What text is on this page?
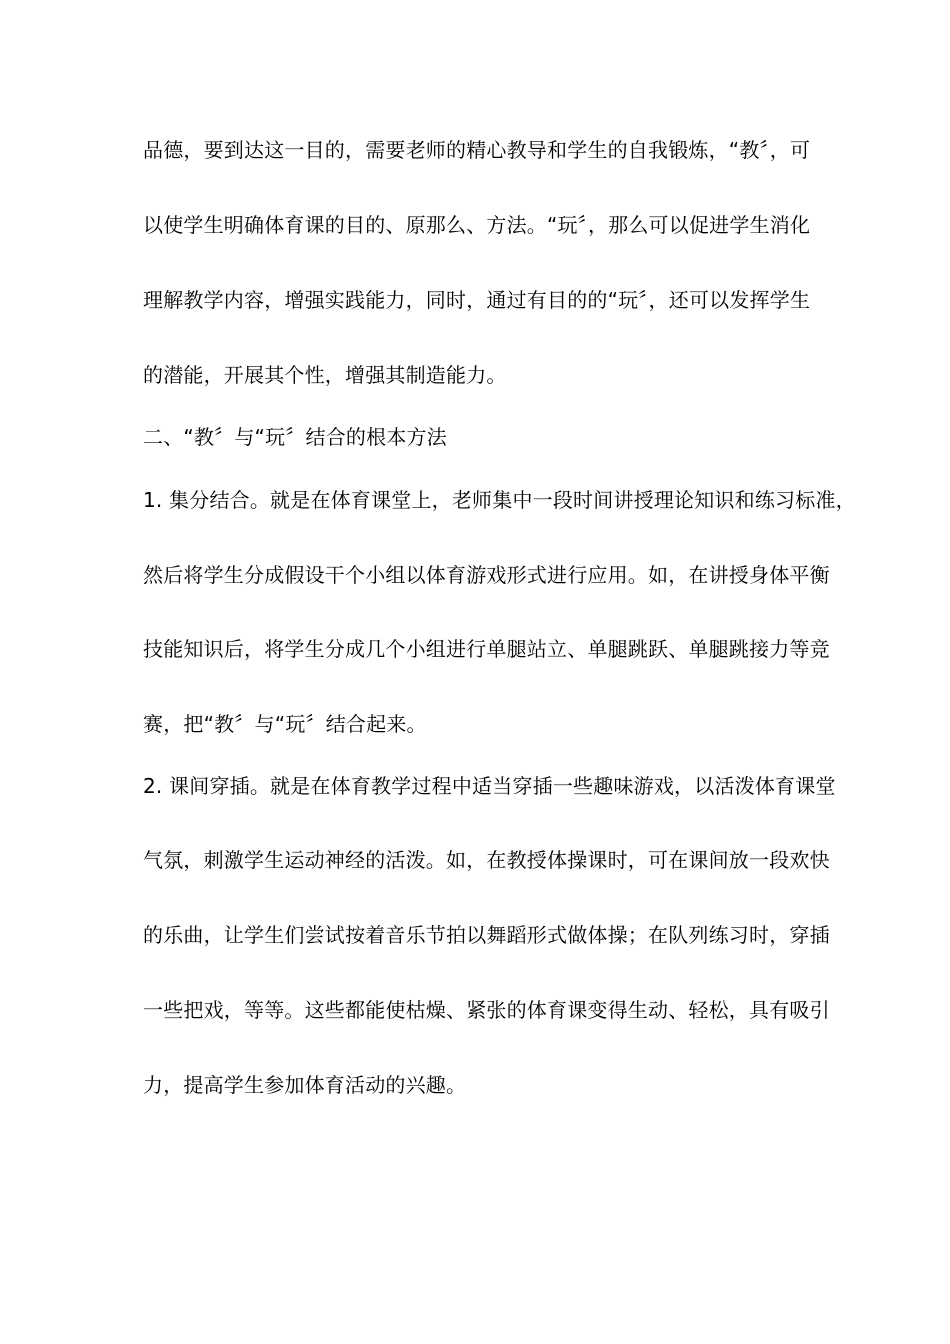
品德，要到达这一目的，需要老师的精心教导和学生的自我锻炼，“教〞，可
以使学生明确体育课的目的、原那么、方法。“玩〞，那么可以促进学生消化
理解教学内容，增强实践能力，同时，通过有目的的“玩〞，还可以发挥学生
的潜能，开展其个性，增强其制造能力。
二、“教〞与“玩〞结合的根本方法
1. 集分结合。就是在体育课堂上，老师集中一段时间讲授理论知识和练习标准，
然后将学生分成假设干个小组以体育游戏形式进行应用。如，在讲授身体平衡
技能知识后，将学生分成几个小组进行单腿站立、单腿跳跃、单腿跳接力等竞
赛，把“教〞与“玩〞结合起来。
2. 课间穿插。就是在体育教学过程中适当穿插一些趣味游戏，以活泼体育课堂
气氛，刺激学生运动神经的活泼。如，在教授体操课时，可在课间放一段欢快
的乐曲，让学生们尝试按着音乐节拍以舞蹈形式做体操；在队列练习时，穿插
一些把戏，等等。这些都能使枯燥、紧张的体育课变得生动、轻松，具有吸引
力，提高学生参加体育活动的兴趣。
